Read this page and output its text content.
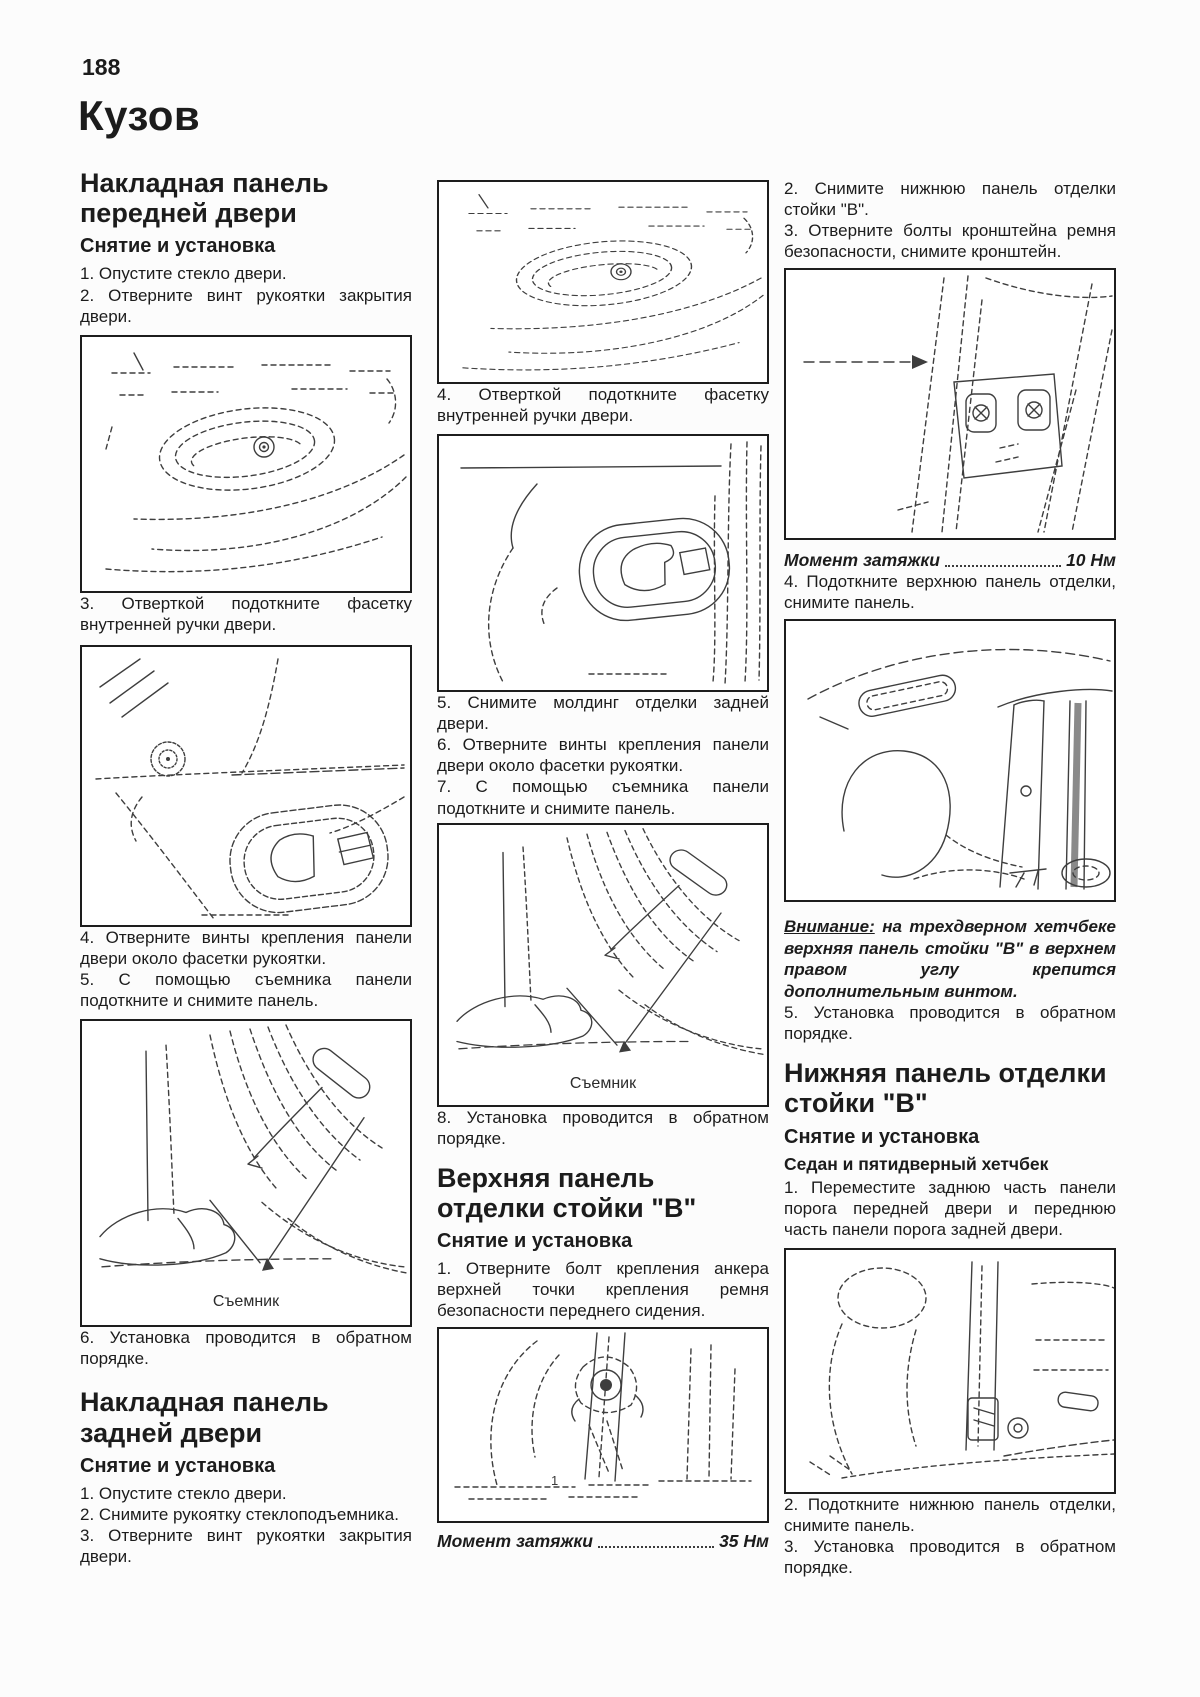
188
Кузов
Накладная панель передней двери
Снятие и установка

1. Опустите стекло двери.

2. Отверните винт рукоятки закрытия двери.

3. Отверткой подоткните фасетку внутренней ручки двери.

4. Отверните винты крепления панели двери около фасетки рукоятки.

5. С помощью съемника панели подоткните и снимите панель.

Съемник

6. Установка проводится в обратном порядке.

Накладная панель задней двери
Снятие и установка

1. Опустите стекло двери.

2. Снимите рукоятку стеклоподъемника.

3. Отверните винт рукоятки закрытия двери.

4. Отверткой подоткните фасетку внутренней ручки двери.

5. Снимите молдинг отделки задней двери.

6. Отверните винты крепления панели двери около фасетки рукоятки.

7. С помощью съемника панели подоткните и снимите панель.

Съемник

8. Установка проводится в обратном порядке.

Верхняя панель отделки стойки "В"
Снятие и установка

1. Отверните болт крепления анкера верхней точки крепления ремня безопасности переднего сидения.

1
Момент затяжки	35 Нм

2. Снимите нижнюю панель отделки стойки "В".

3. Отверните болты кронштейна ремня безопасности, снимите кронштейн.

Момент затяжки	10 Нм

4. Подоткните верхнюю панель отделки, снимите панель.

Внимание: на трехдверном хетчбеке верхняя панель стойки "В" в верхнем правом углу крепится дополнительным винтом.

5. Установка проводится в обратном порядке.

Нижняя панель отделки стойки "В"
Снятие и установка
Седан и пятидверный хетчбек

1. Переместите заднюю часть панели порога передней двери и переднюю часть панели порога задней двери.

2. Подоткните нижнюю панель отделки, снимите панель.

3. Установка проводится в обратном порядке.
